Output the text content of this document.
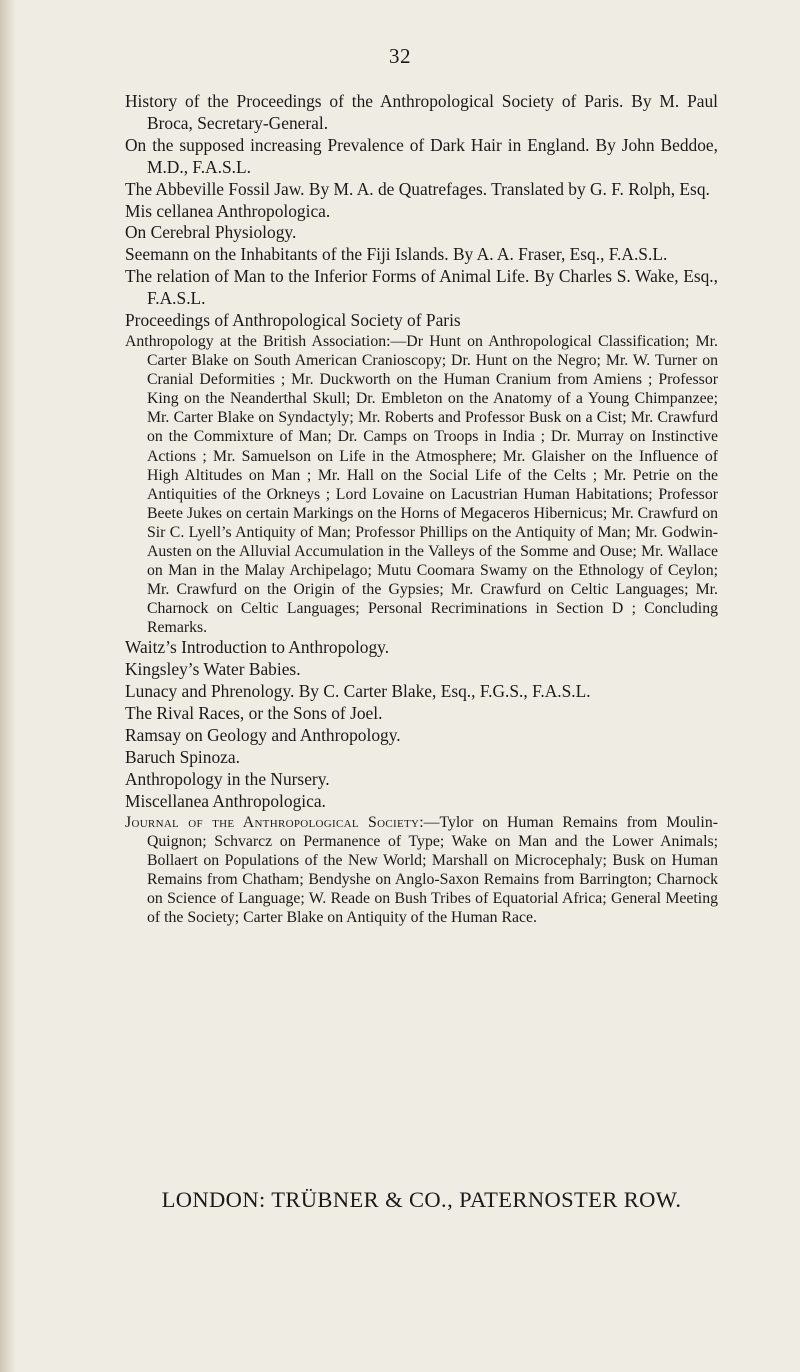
32
History of the Proceedings of the Anthropological Society of Paris. By M. Paul Broca, Secretary-General.
On the supposed increasing Prevalence of Dark Hair in England. By John Beddoe, M.D., F.A.S.L.
The Abbeville Fossil Jaw. By M. A. de Quatrefages. Translated by G. F. Rolph, Esq.
Mis cellanea Anthropologica.
On Cerebral Physiology.
Seemann on the Inhabitants of the Fiji Islands. By A. A. Fraser, Esq., F.A.S.L.
The relation of Man to the Inferior Forms of Animal Life. By Charles S. Wake, Esq., F.A.S.L.
Proceedings of Anthropological Society of Paris
Anthropology at the British Association:—Dr Hunt on Anthropological Classification; Mr. Carter Blake on South American Cranioscopy; Dr. Hunt on the Negro; Mr. W. Turner on Cranial Deformities ; Mr. Duckworth on the Human Cranium from Amiens ; Professor King on the Neanderthal Skull; Dr. Embleton on the Anatomy of a Young Chimpanzee; Mr. Carter Blake on Syndactyly; Mr. Roberts and Professor Busk on a Cist; Mr. Crawfurd on the Commixture of Man; Dr. Camps on Troops in India ; Dr. Murray on Instinctive Actions ; Mr. Samuelson on Life in the Atmosphere; Mr. Glaisher on the Influence of High Altitudes on Man ; Mr. Hall on the Social Life of the Celts ; Mr. Petrie on the Antiquities of the Orkneys ; Lord Lovaine on Lacustrian Human Habitations; Professor Beete Jukes on certain Markings on the Horns of Megaceros Hibernicus; Mr. Crawfurd on Sir C. Lyell’s Antiquity of Man; Professor Phillips on the Antiquity of Man; Mr. Godwin-Austen on the Alluvial Accumulation in the Valleys of the Somme and Ouse; Mr. Wallace on Man in the Malay Archipelago; Mutu Coomara Swamy on the Ethnology of Ceylon; Mr. Crawfurd on the Origin of the Gypsies; Mr. Crawfurd on Celtic Languages; Mr. Charnock on Celtic Languages; Personal Recriminations in Section D ; Concluding Remarks.
Waitz’s Introduction to Anthropology.
Kingsley’s Water Babies.
Lunacy and Phrenology. By C. Carter Blake, Esq., F.G.S., F.A.S.L.
The Rival Races, or the Sons of Joel.
Ramsay on Geology and Anthropology.
Baruch Spinoza.
Anthropology in the Nursery.
Miscellanea Anthropologica.
Journal of the Anthropological Society:—Tylor on Human Remains from Moulin-Quignon; Schvarcz on Permanence of Type; Wake on Man and the Lower Animals; Bollaert on Populations of the New World; Marshall on Microcephaly; Busk on Human Remains from Chatham; Bendyshe on Anglo-Saxon Remains from Barrington; Charnock on Science of Language; W. Reade on Bush Tribes of Equatorial Africa; General Meeting of the Society; Carter Blake on Antiquity of the Human Race.
LONDON: TRÜBNER & CO., PATERNOSTER ROW.
